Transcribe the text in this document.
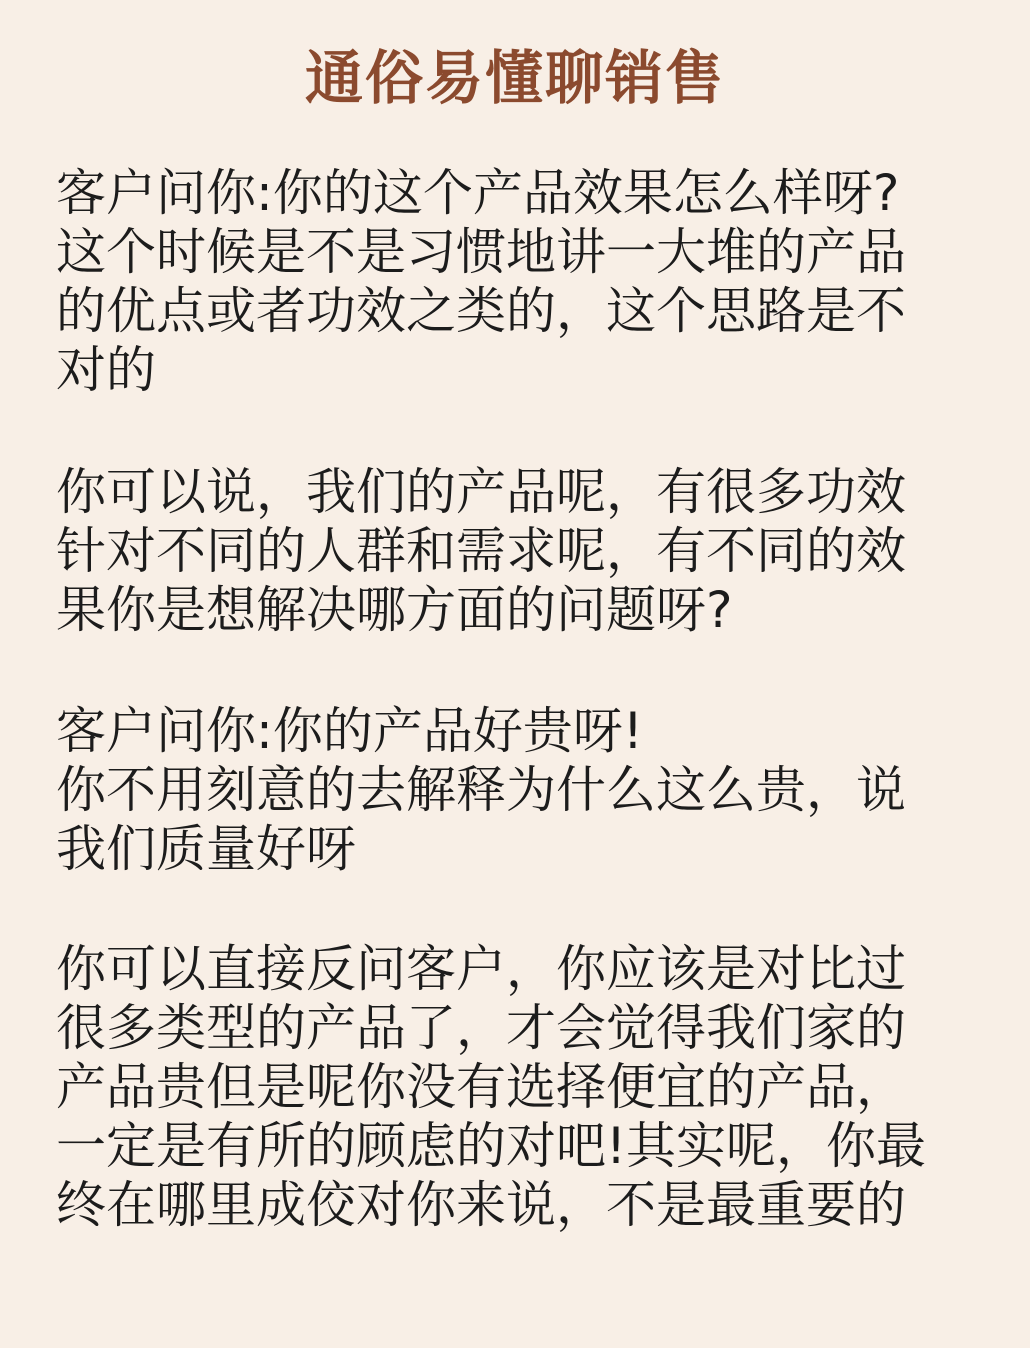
通俗易懂聊销售
客户问你:你的这个产品效果怎么样呀?
这个时候是不是习惯地讲一大堆的产品
的优点或者功效之类的，这个思路是不
对的
你可以说，我们的产品呢，有很多功效
针对不同的人群和需求呢，有不同的效
果你是想解决哪方面的问题呀?
客户问你:你的产品好贵呀!
你不用刻意的去解释为什么这么贵，说
我们质量好呀
你可以直接反问客户，你应该是对比过
很多类型的产品了，才会觉得我们家的
产品贵但是呢你没有选择便宜的产品，
一定是有所的顾虑的对吧!其实呢，你最
终在哪里成佼对你来说，不是最重要的
